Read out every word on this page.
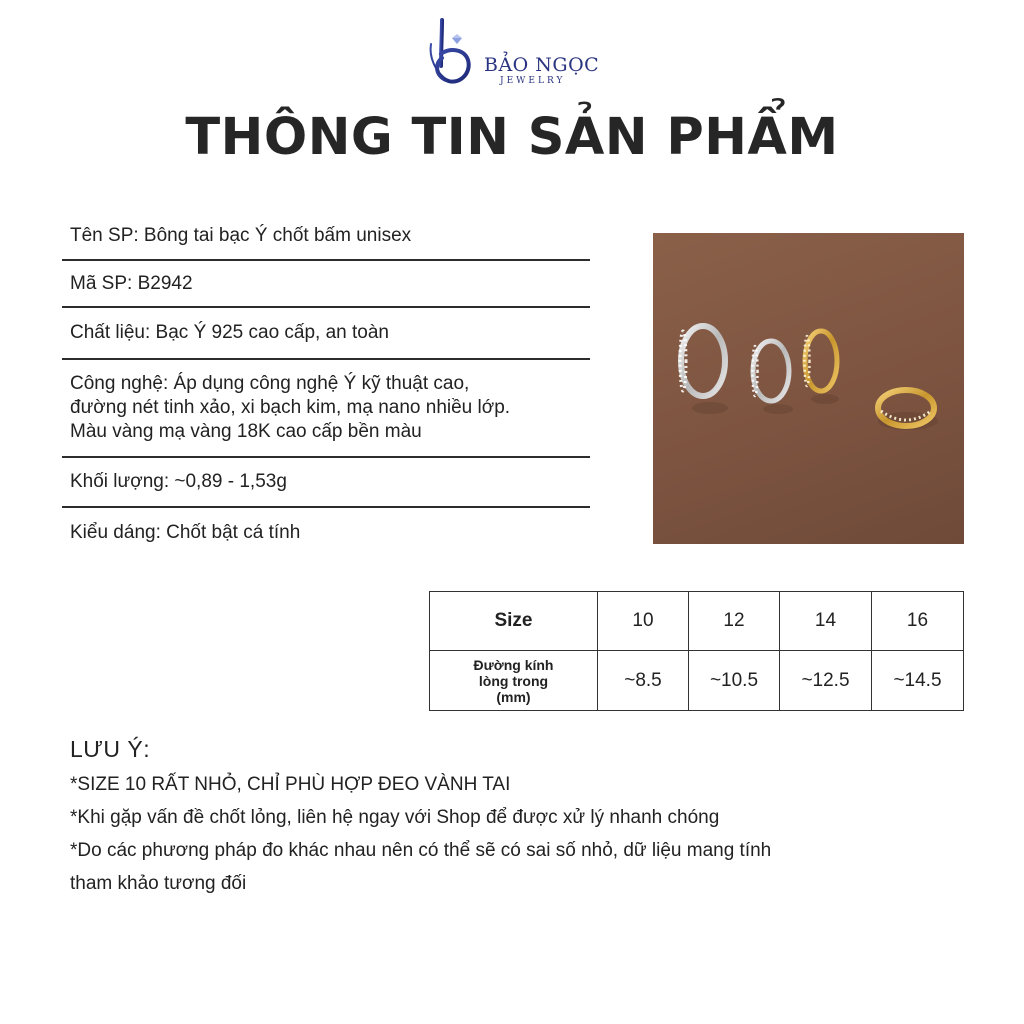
BẢO NGỌC
JEWELRY
THÔNG TIN SẢN PHẨM
Tên SP: Bông tai bạc Ý chốt bấm unisex
Mã SP: B2942
Chất liệu: Bạc Ý 925 cao cấp, an toàn
Công nghệ: Áp dụng công nghệ Ý kỹ thuật cao,
đường nét tinh xảo, xi bạch kim, mạ nano nhiều lớp.
Màu vàng mạ vàng 18K cao cấp bền màu
Khối lượng: ~0,89 - 1,53g
Kiểu dáng: Chốt bật cá tính
Size	10	12	14	16
Đường kính
lòng trong
(mm)	~8.5	~10.5	~12.5	~14.5
LƯU Ý:
*SIZE 10 RẤT NHỎ, CHỈ PHÙ HỢP ĐEO VÀNH TAI
*Khi gặp vấn đề chốt lỏng, liên hệ ngay với Shop để được xử lý nhanh chóng
*Do các phương pháp đo khác nhau nên có thể sẽ có sai số nhỏ, dữ liệu mang tính
tham khảo tương đối
